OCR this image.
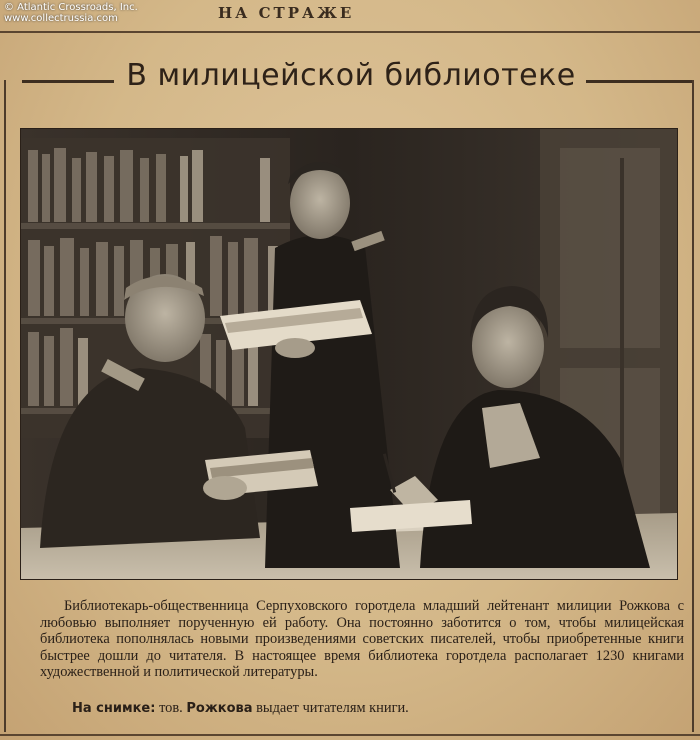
© Atlantic Crossroads, Inc.
www.collectrussia.com	НА СТРАЖЕ
В милицейской библиотеке
Библиотекарь-общественница Серпуховского горотдела младший лейтенант милиции Рожкова с любовью выполняет порученную ей работу. Она постоянно заботится о том, чтобы милицейская библиотека пополнялась новыми произведениями советских писателей, чтобы приобретенные книги быстрее дошли до читателя. В настоящее время библиотека горотдела располагает 1230 книгами художественной и политической литературы.
На снимке: тов. Рожкова выдает читателям книги.
